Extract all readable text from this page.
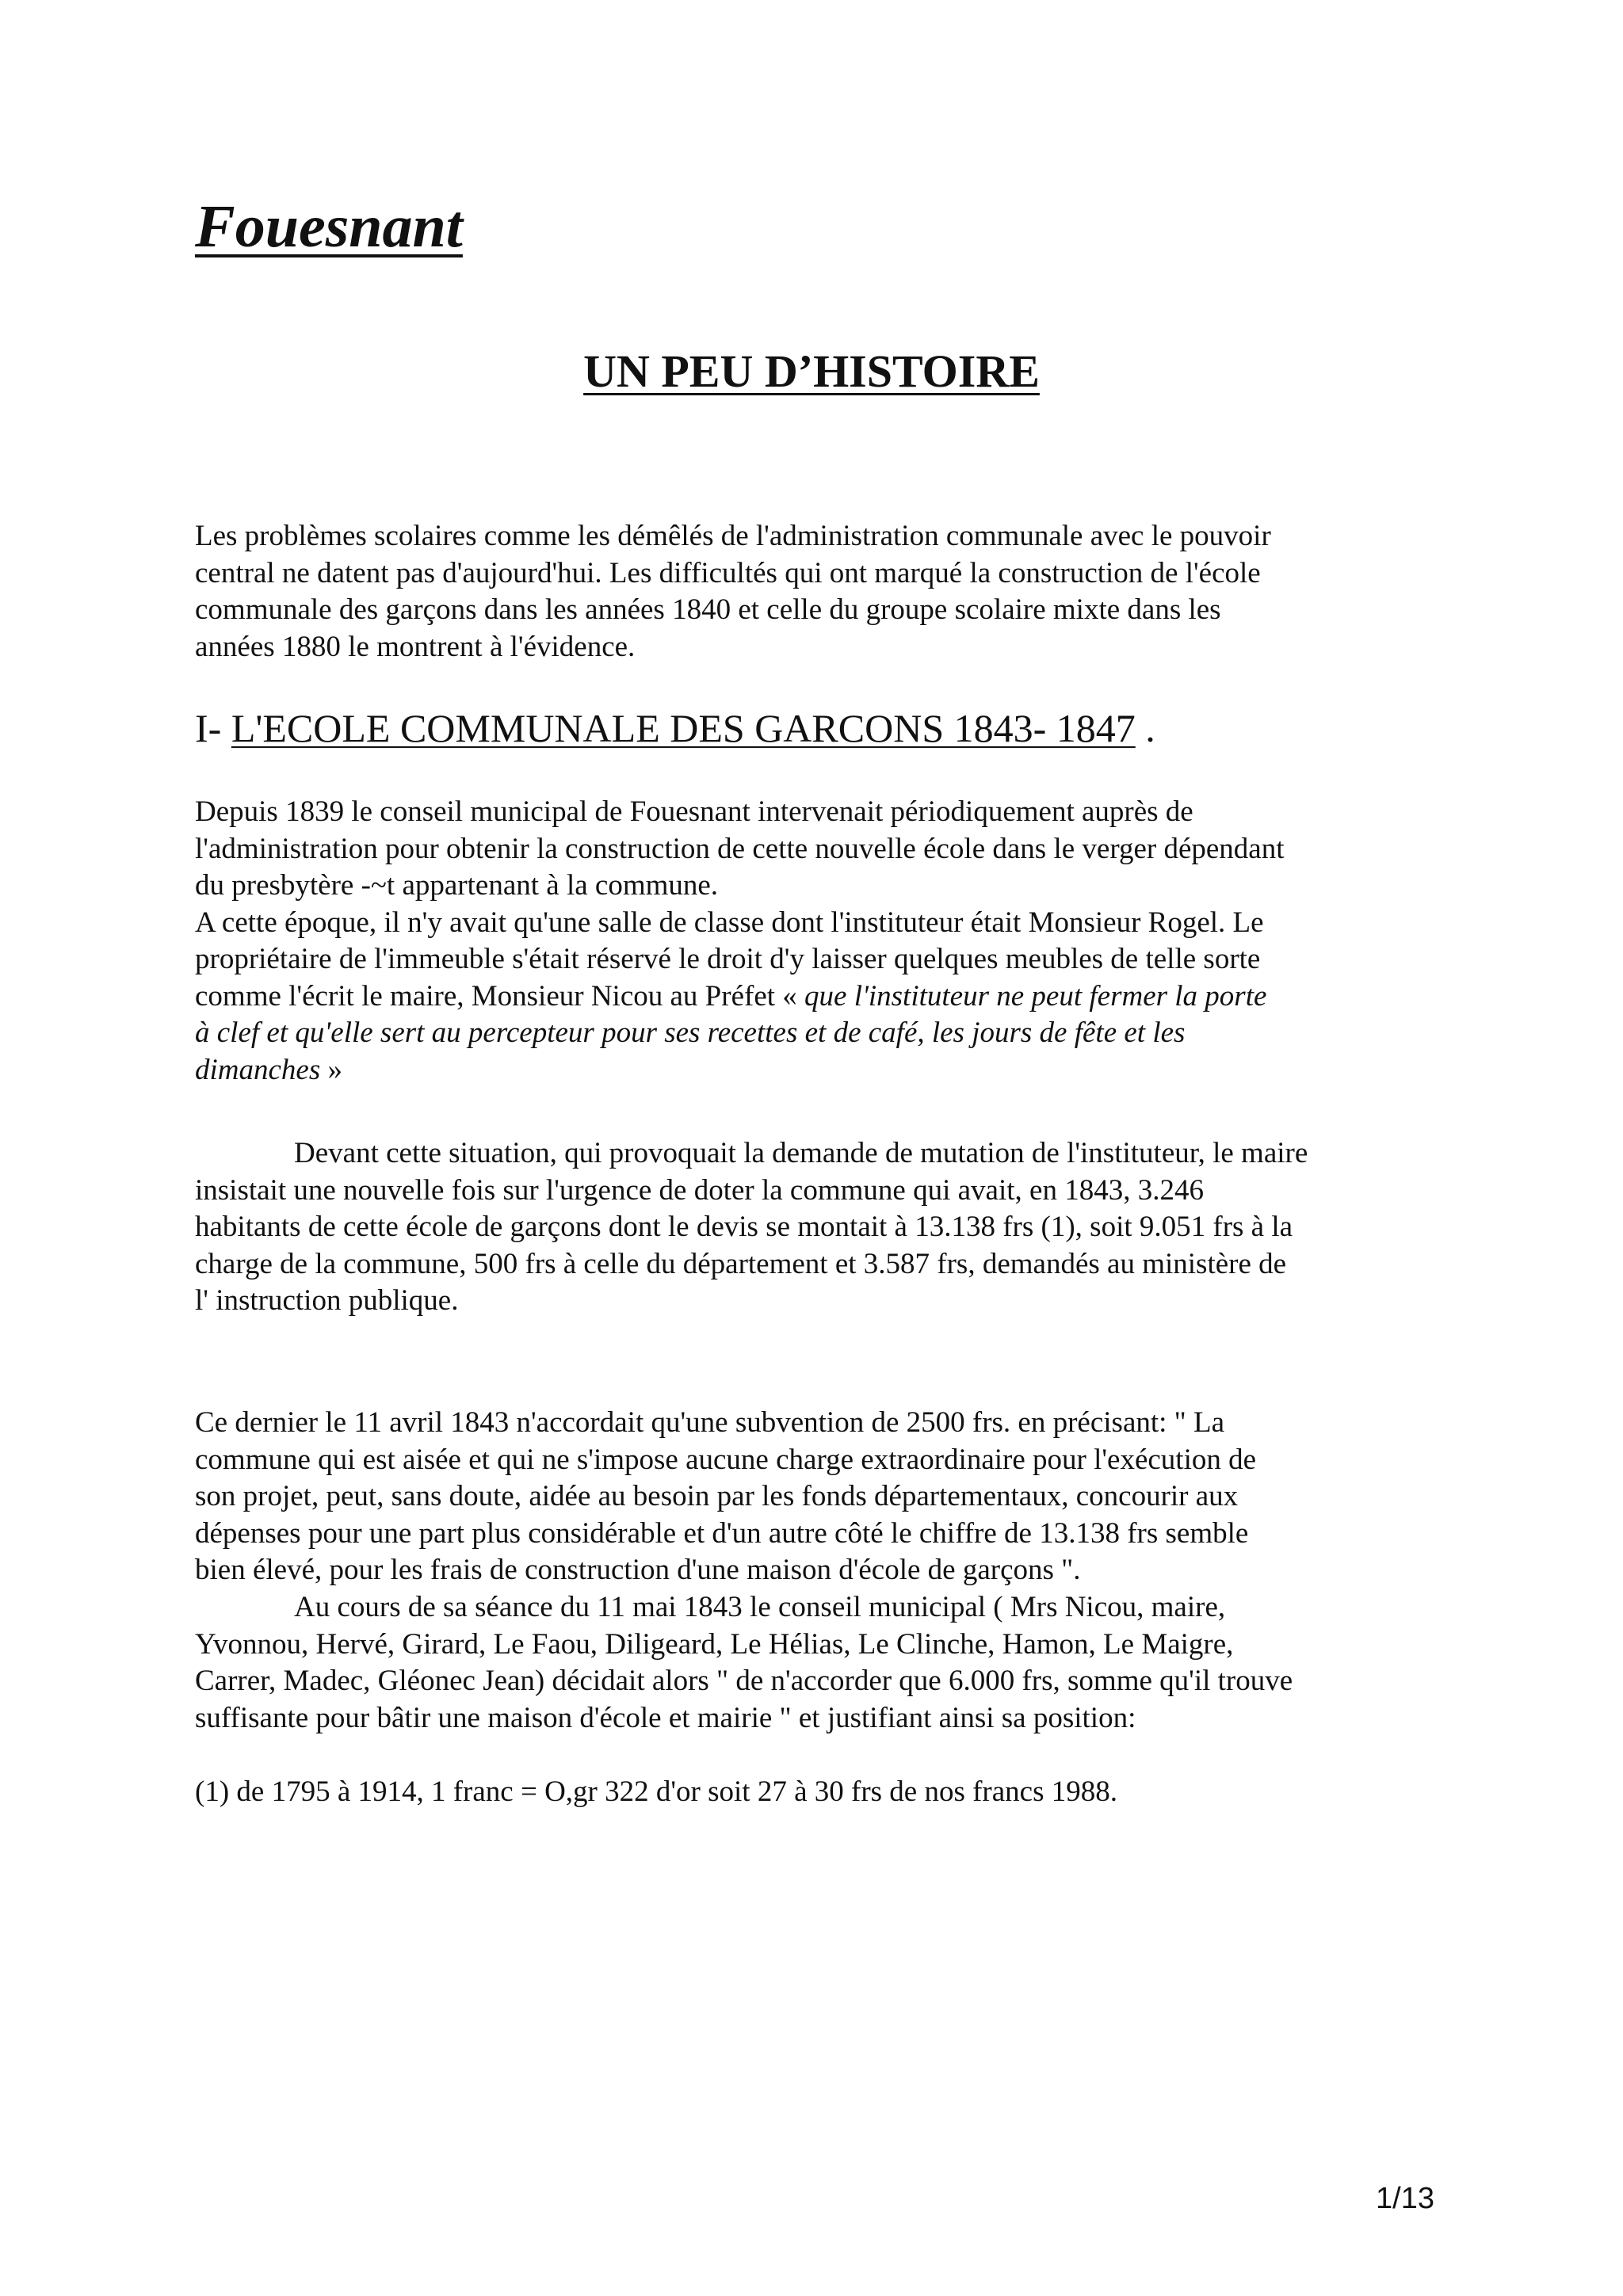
Fouesnant
UN PEU D’HISTOIRE

Les problèmes scolaires comme les démêlés de l'administration communale avec le pouvoir
central ne datent pas d'aujourd'hui. Les difficultés qui ont marqué la construction de l'école
communale des garçons dans les années 1840 et celle du groupe scolaire mixte dans les
années 1880 le montrent à l'évidence.

I- L'ECOLE COMMUNALE DES GARCONS 1843- 1847 .

Depuis 1839 le conseil municipal de Fouesnant intervenait périodiquement auprès de
l'administration pour obtenir la construction de cette nouvelle école dans le verger dépendant
du presbytère -~t appartenant à la commune.
A cette époque, il n'y avait qu'une salle de classe dont l'instituteur était Monsieur Rogel. Le
propriétaire de l'immeuble s'était réservé le droit d'y laisser quelques meubles de telle sorte
comme l'écrit le maire, Monsieur Nicou au Préfet « que l'instituteur ne peut fermer la porte
à clef et qu'elle sert au percepteur pour ses recettes et de café, les jours de fête et les
dimanches »

Devant cette situation, qui provoquait la demande de mutation de l'instituteur, le maire
insistait une nouvelle fois sur l'urgence de doter la commune qui avait, en 1843, 3.246
habitants de cette école de garçons dont le devis se montait à 13.138 frs (1), soit 9.051 frs à la
charge de la commune, 500 frs à celle du département et 3.587 frs, demandés au ministère de
l' instruction publique.

Ce dernier le 11 avril 1843 n'accordait qu'une subvention de 2500 frs. en précisant: " La
commune qui est aisée et qui ne s'impose aucune charge extraordinaire pour l'exécution de
son projet, peut, sans doute, aidée au besoin par les fonds départementaux, concourir aux
dépenses pour une part plus considérable et d'un autre côté le chiffre de 13.138 frs semble
bien élevé, pour les frais de construction d'une maison d'école de garçons ".

Au cours de sa séance du 11 mai 1843 le conseil municipal ( Mrs Nicou, maire,
Yvonnou, Hervé, Girard, Le Faou, Diligeard, Le Hélias, Le Clinche, Hamon, Le Maigre,
Carrer, Madec, Gléonec Jean) décidait alors " de n'accorder que 6.000 frs, somme qu'il trouve
suffisante pour bâtir une maison d'école et mairie " et justifiant ainsi sa position:

(1) de 1795 à 1914, 1 franc = O,gr 322 d'or soit 27 à 30 frs de nos francs 1988.

1/13
